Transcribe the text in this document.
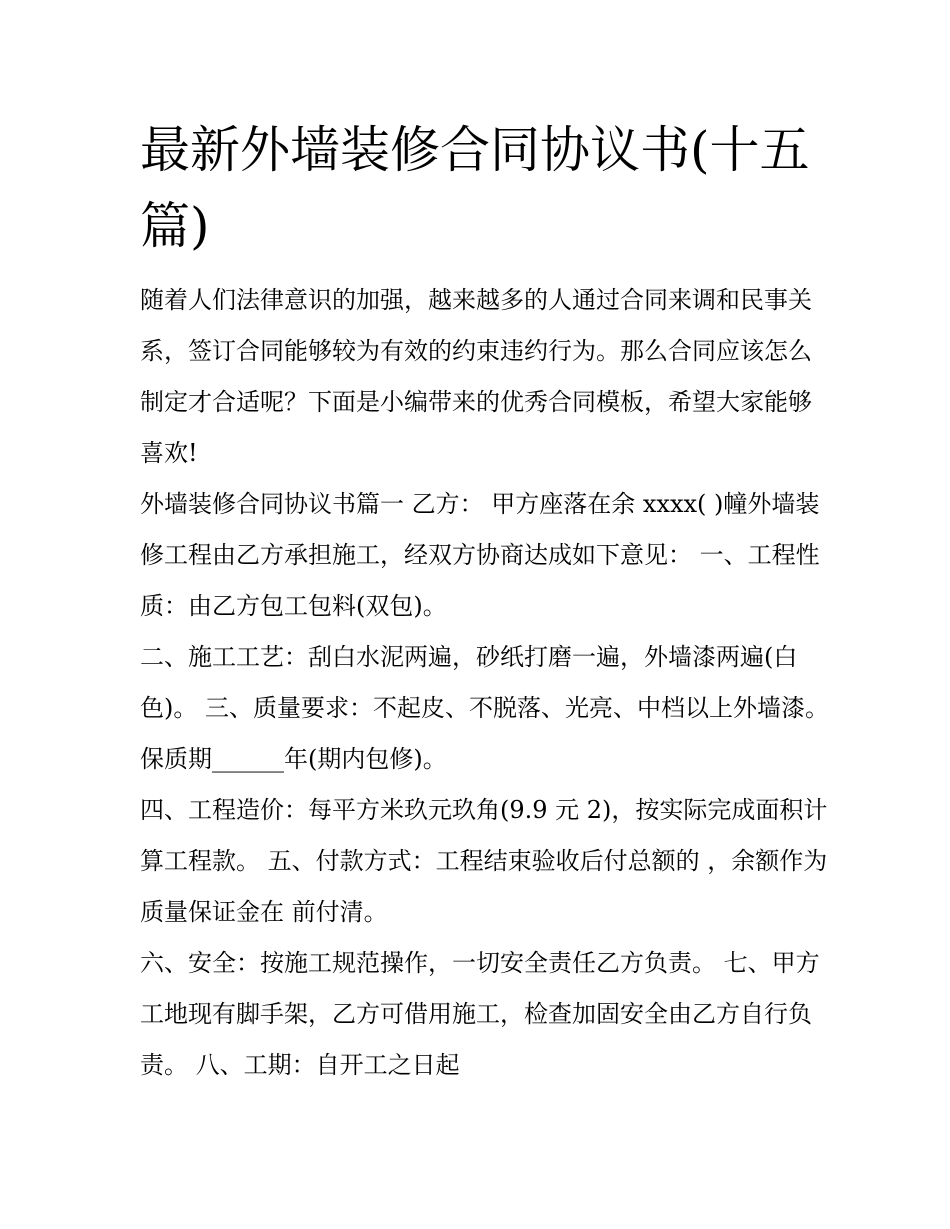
最新外墙装修合同协议书(十五篇)

随着人们法律意识的加强，越来越多的人通过合同来调和民事关系，签订合同能够较为有效的约束违约行为。那么合同应该怎么制定才合适呢？下面是小编带来的优秀合同模板，希望大家能够喜欢!

外墙装修合同协议书篇一 乙方： 甲方座落在余 xxxx( )幢外墙装修工程由乙方承担施工，经双方协商达成如下意见： 一、工程性质：由乙方包工包料(双包)。

二、施工工艺：刮白水泥两遍，砂纸打磨一遍，外墙漆两遍(白色)。 三、质量要求：不起皮、不脱落、光亮、中档以上外墙漆。保质期______年(期内包修)。

四、工程造价：每平方米玖元玖角(9.9 元 2)，按实际完成面积计算工程款。 五、付款方式：工程结束验收后付总额的 ，余额作为质量保证金在 前付清。

六、安全：按施工规范操作，一切安全责任乙方负责。 七、甲方工地现有脚手架，乙方可借用施工，检查加固安全由乙方自行负责。 八、工期：自开工之日起
